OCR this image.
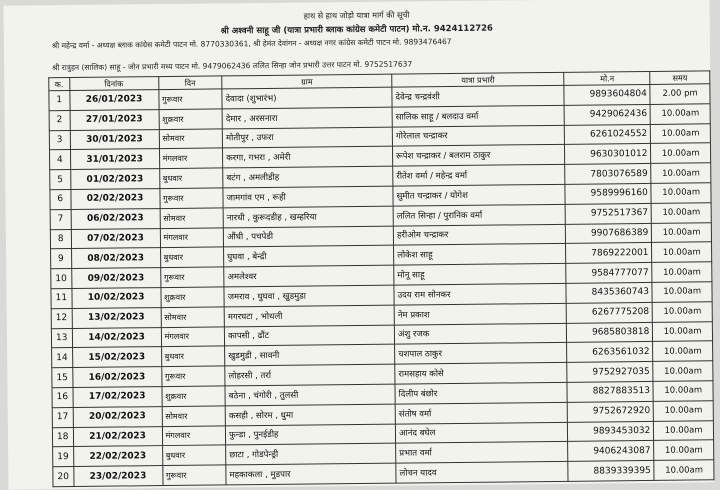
हाथ से हाथ जोड़ो यात्रा मार्ग की सूची
श्री अश्वनी साहू जी (यात्रा प्रभारी ब्लाक कांग्रेस कमेटी पाटन) मो.न. 9424112726
श्री महेन्द्र वर्मा - अध्यक्ष ब्लाक कांग्रेस कमेटी पाटन मो. 8770330361, श्री हेमंत देवांगन - अध्यक्ष नगर कांग्रेस कमेटी पाटन मो. 9893476467
श्री रात्रुहन (सालिक) साहू - जोन प्रभारी मध्य पाटन मो. 9479062436 ललित सिन्हा जोन प्रभारी उत्तर पाटन मो. 9752517637
क.	दिनांक	दिन	ग्राम	यात्रा प्रभारी	मो.न	समय
1	26/01/2023	गुरूवार	देवादा (शुभारंभ)	देवेन्द्र चन्द्रवंशी	9893604804	2.00 pm
2	27/01/2023	शुक्रवार	देमार , अरसनारा	सालिक साहू / बलदाउ वर्मा	9429062436	10.00am
3	30/01/2023	सोमवार	मोतीपुर , उफरा	गोरेलाल चन्द्राकर	6261024552	10.00am
4	31/01/2023	मंगलवार	करगा, गभरा , अमेरी	रूपेश चन्द्राकर / बलराम ठाकुर	9630301012	10.00am
5	01/02/2023	बुधवार	बटंग , अमलीडीह	रीतेश वर्मा / महेन्द्र वर्मा	7803076589	10.00am
6	02/02/2023	गुरूवार	जामगांव एम , रूही	सुमीत चन्द्राकर / योगेश	9589996160	10.00am
7	06/02/2023	सोमवार	नारधी , कुरूदडीह , खम्हरिया	ललित सिन्हा / पुरानिक वर्मा	9752517367	10.00am
8	07/02/2023	मंगलवार	औंधी , पचपेडी	हरीओम चन्द्राकर	9907686389	10.00am
9	08/02/2023	बुधवार	घुघवा , बेन्द्री	लोकेश साहू	7869222001	10.00am
10	09/02/2023	गुरूवार	अमलेश्वर	मोनू साहू	9584777077	10.00am
11	10/02/2023	शुक्रवार	जमराव , घुघवा , खुडमुडा	उदय राम सोनकर	8435360743	10.00am
12	13/02/2023	सोमवार	मगरघटा , भोथली	नेम प्रकाश	6267775208	10.00am
13	14/02/2023	मंगलवार	कापसी , ढौंट	अंशु रजक	9685803818	10.00am
14	15/02/2023	बुधवार	खुडमुडी , सावनी	चशपाल ठाकुर	6263561032	10.00am
15	16/02/2023	गुरूवार	लोहरसी , तर्रा	रामसहाय कोसे	9752927035	10.00am
16	17/02/2023	शुक्रवार	बठेना , चंगोरी , तुलसी	दिलीप बंछोर	8827883513	10.00am
17	20/02/2023	सोमवार	कसही , सोरम , धुमा	संतोष वर्मा	9752672920	10.00am
18	21/02/2023	मंगलवार	फुन्डा , पुनईडीह	आनंद बघेल	9893453032	10.00am
19	22/02/2023	बुधवार	छाटा , गोडपेन्ड्री	प्रभात वर्मा	9406243087	10.00am
20	23/02/2023	गुरूवार	महकाकला , मुडपार	लोचन यादव	8839339395	10.00am
